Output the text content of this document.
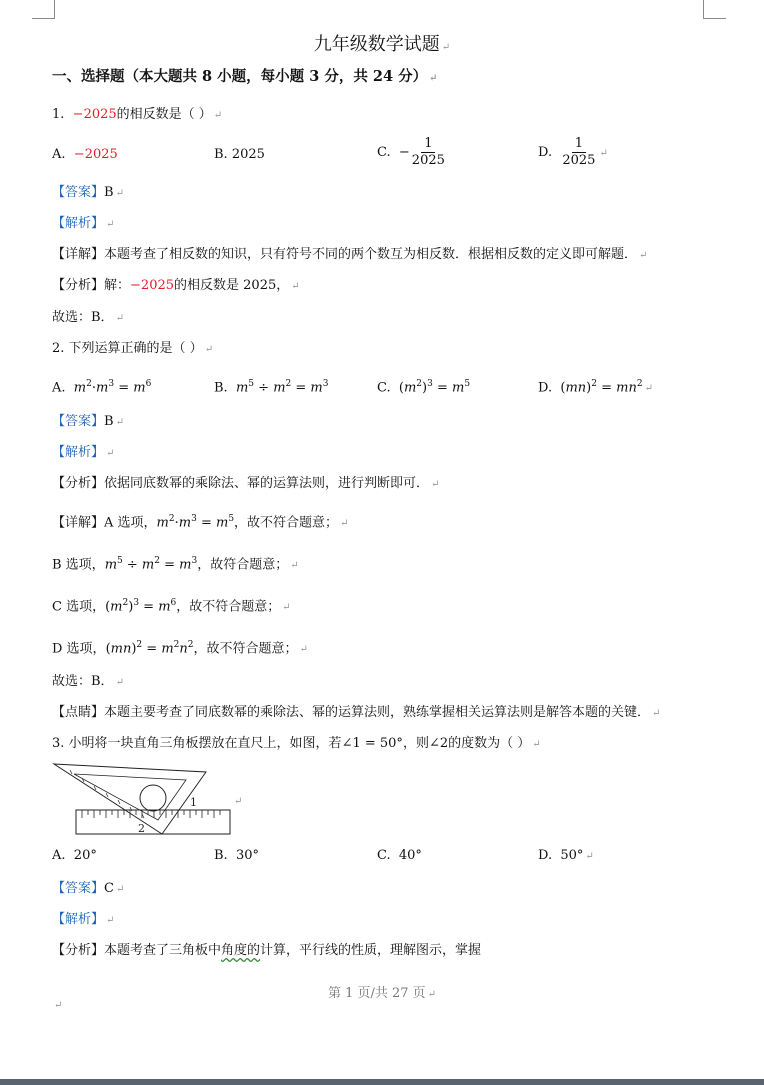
九年级数学试题 ↵
一、选择题（本大题共 8 小题，每小题 3 分，共 24 分） ↵
1. −2025的相反数是（ ） ↵
A. −2025	B. 2025	C. − $\frac{1}{2025}$	D. $\frac{1}{2025}$ ↵
【答案】B ↵
【解析】 ↵
【详解】本题考查了相反数的知识，只有符号不同的两个数互为相反数．根据相反数的定义即可解题． ↵
【分析】解：−2025的相反数是 2025， ↵
故选：B． ↵
2. 下列运算正确的是（ ） ↵
A. $m^2\cdot m^3 = m^6$	B. $m^5 \div m^2 = m^3$	C.  $(m^2)^3 = m^5$	D.  $(mn)^2 = mn^2$ ↵
【答案】B ↵
【解析】 ↵
【分析】依据同底数幂的乘除法、幂的运算法则，进行判断即可． ↵
【详解】A 选项，$m^2\cdot m^3 = m^5$，故不符合题意； ↵
B 选项，$m^5 \div m^2 = m^3$，故符合题意； ↵
C 选项，$(m^2)^3 = m^6$，故不符合题意； ↵
D 选项，$(mn)^2 = m^2n^2$，故不符合题意； ↵
故选：B． ↵
【点睛】本题主要考查了同底数幂的乘除法、幂的运算法则，熟练掌握相关运算法则是解答本题的关键． ↵
3. 小明将一块直角三角板摆放在直尺上，如图，若∠1 = 50°，则∠2的度数为（ ） ↵
1
2
↵
A. 20°	B. 30°	C. 40°	D. 50° ↵
【答案】C ↵
【解析】 ↵
【分析】本题考查了三角板中角度的计算，平行线的性质，理解图示，掌握
第 1 页/共 27 页 ↵
↵
